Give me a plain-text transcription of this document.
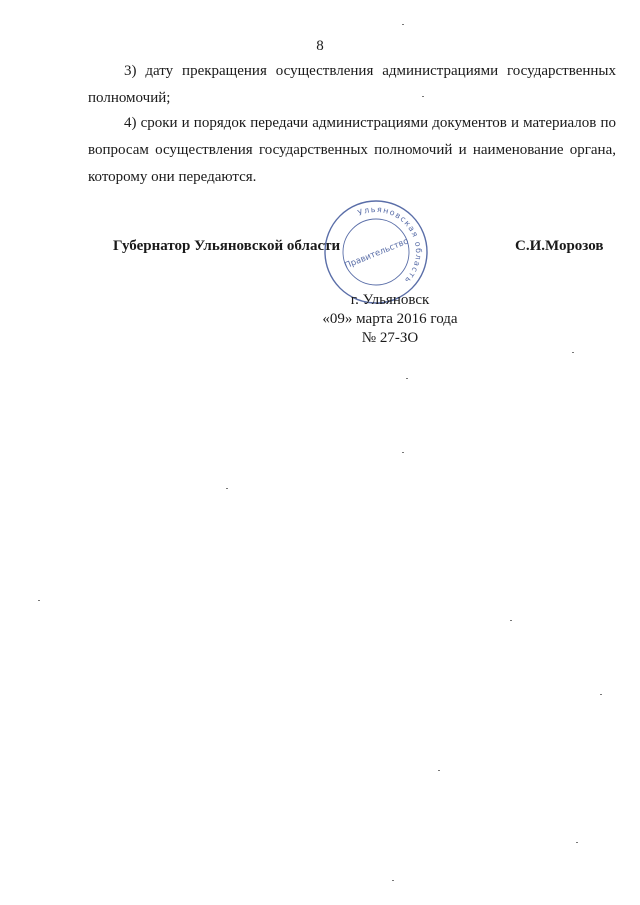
8
3) дату прекращения осуществления администрациями государственных полномочий;
4) сроки и порядок передачи администрациями документов и материалов по вопросам осуществления государственных полномочий и наименование органа, которому они передаются.
Губернатор Ульяновской области
Ульяновская область
Правительство	С.И.Морозов
г. Ульяновск
«09» марта 2016 года
№ 27-ЗО
